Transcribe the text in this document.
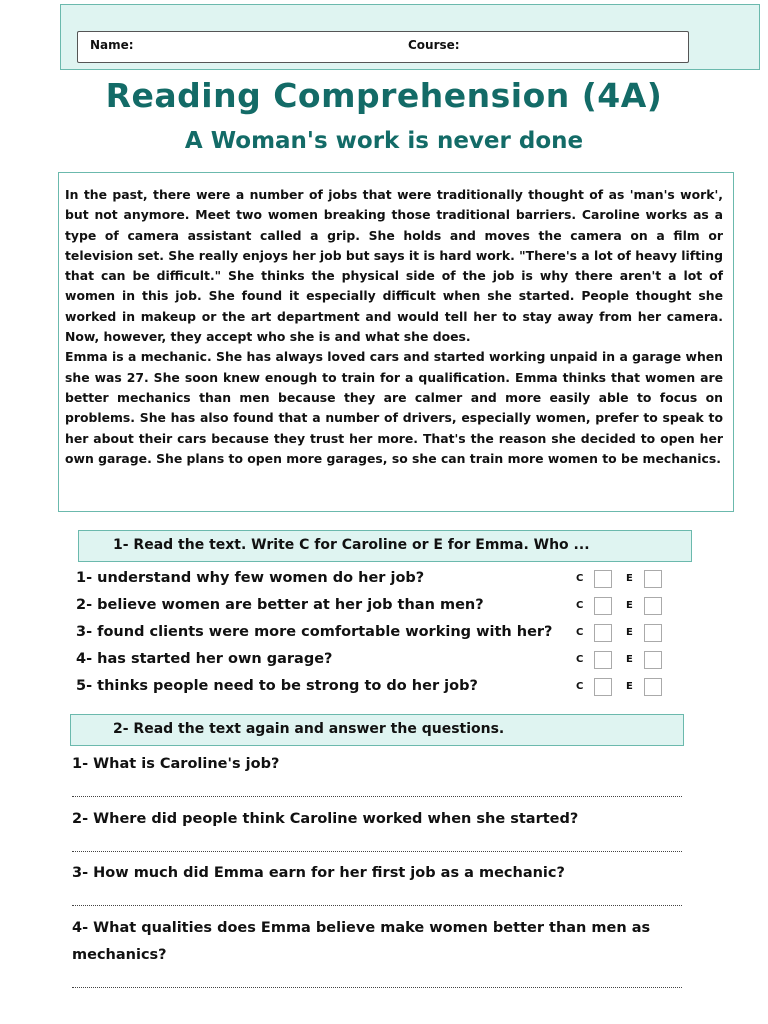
Name:	Course:
Reading Comprehension (4A)
A Woman's work is never done

In the past, there were a number of jobs that were traditionally thought of as 'man's work', but not anymore. Meet two women breaking those traditional barriers. Caroline works as a type of camera assistant called a grip. She holds and moves the camera on a film or television set. She really enjoys her job but says it is hard work. "There's a lot of heavy lifting that can be difficult." She thinks the physical side of the job is why there aren't a lot of women in this job. She found it especially difficult when she started. People thought she worked in makeup or the art department and would tell her to stay away from her camera. Now, however, they accept who she is and what she does.

Emma is a mechanic. She has always loved cars and started working unpaid in a garage when she was 27. She soon knew enough to train for a qualification. Emma thinks that women are better mechanics than men because they are calmer and more easily able to focus on problems. She has also found that a number of drivers, especially women, prefer to speak to her about their cars because they trust her more. That's the reason she decided to open her own garage. She plans to open more garages, so she can train more women to be mechanics.

1- Read the text. Write C for Caroline or E for Emma. Who ...
1- understand why few women do her job?	C	E
2- believe women are better at her job than men?	C	E
3- found clients were more comfortable working with her? C	E
4- has started her own garage?	C	E
5- thinks people need to be strong to do her job?	C	E
2- Read the text again and answer the questions.
1- What is Caroline's job?
2- Where did people think Caroline worked when she started?
3- How much did Emma earn for her first job as a mechanic?
4- What qualities does Emma believe make women better than men as mechanics?
